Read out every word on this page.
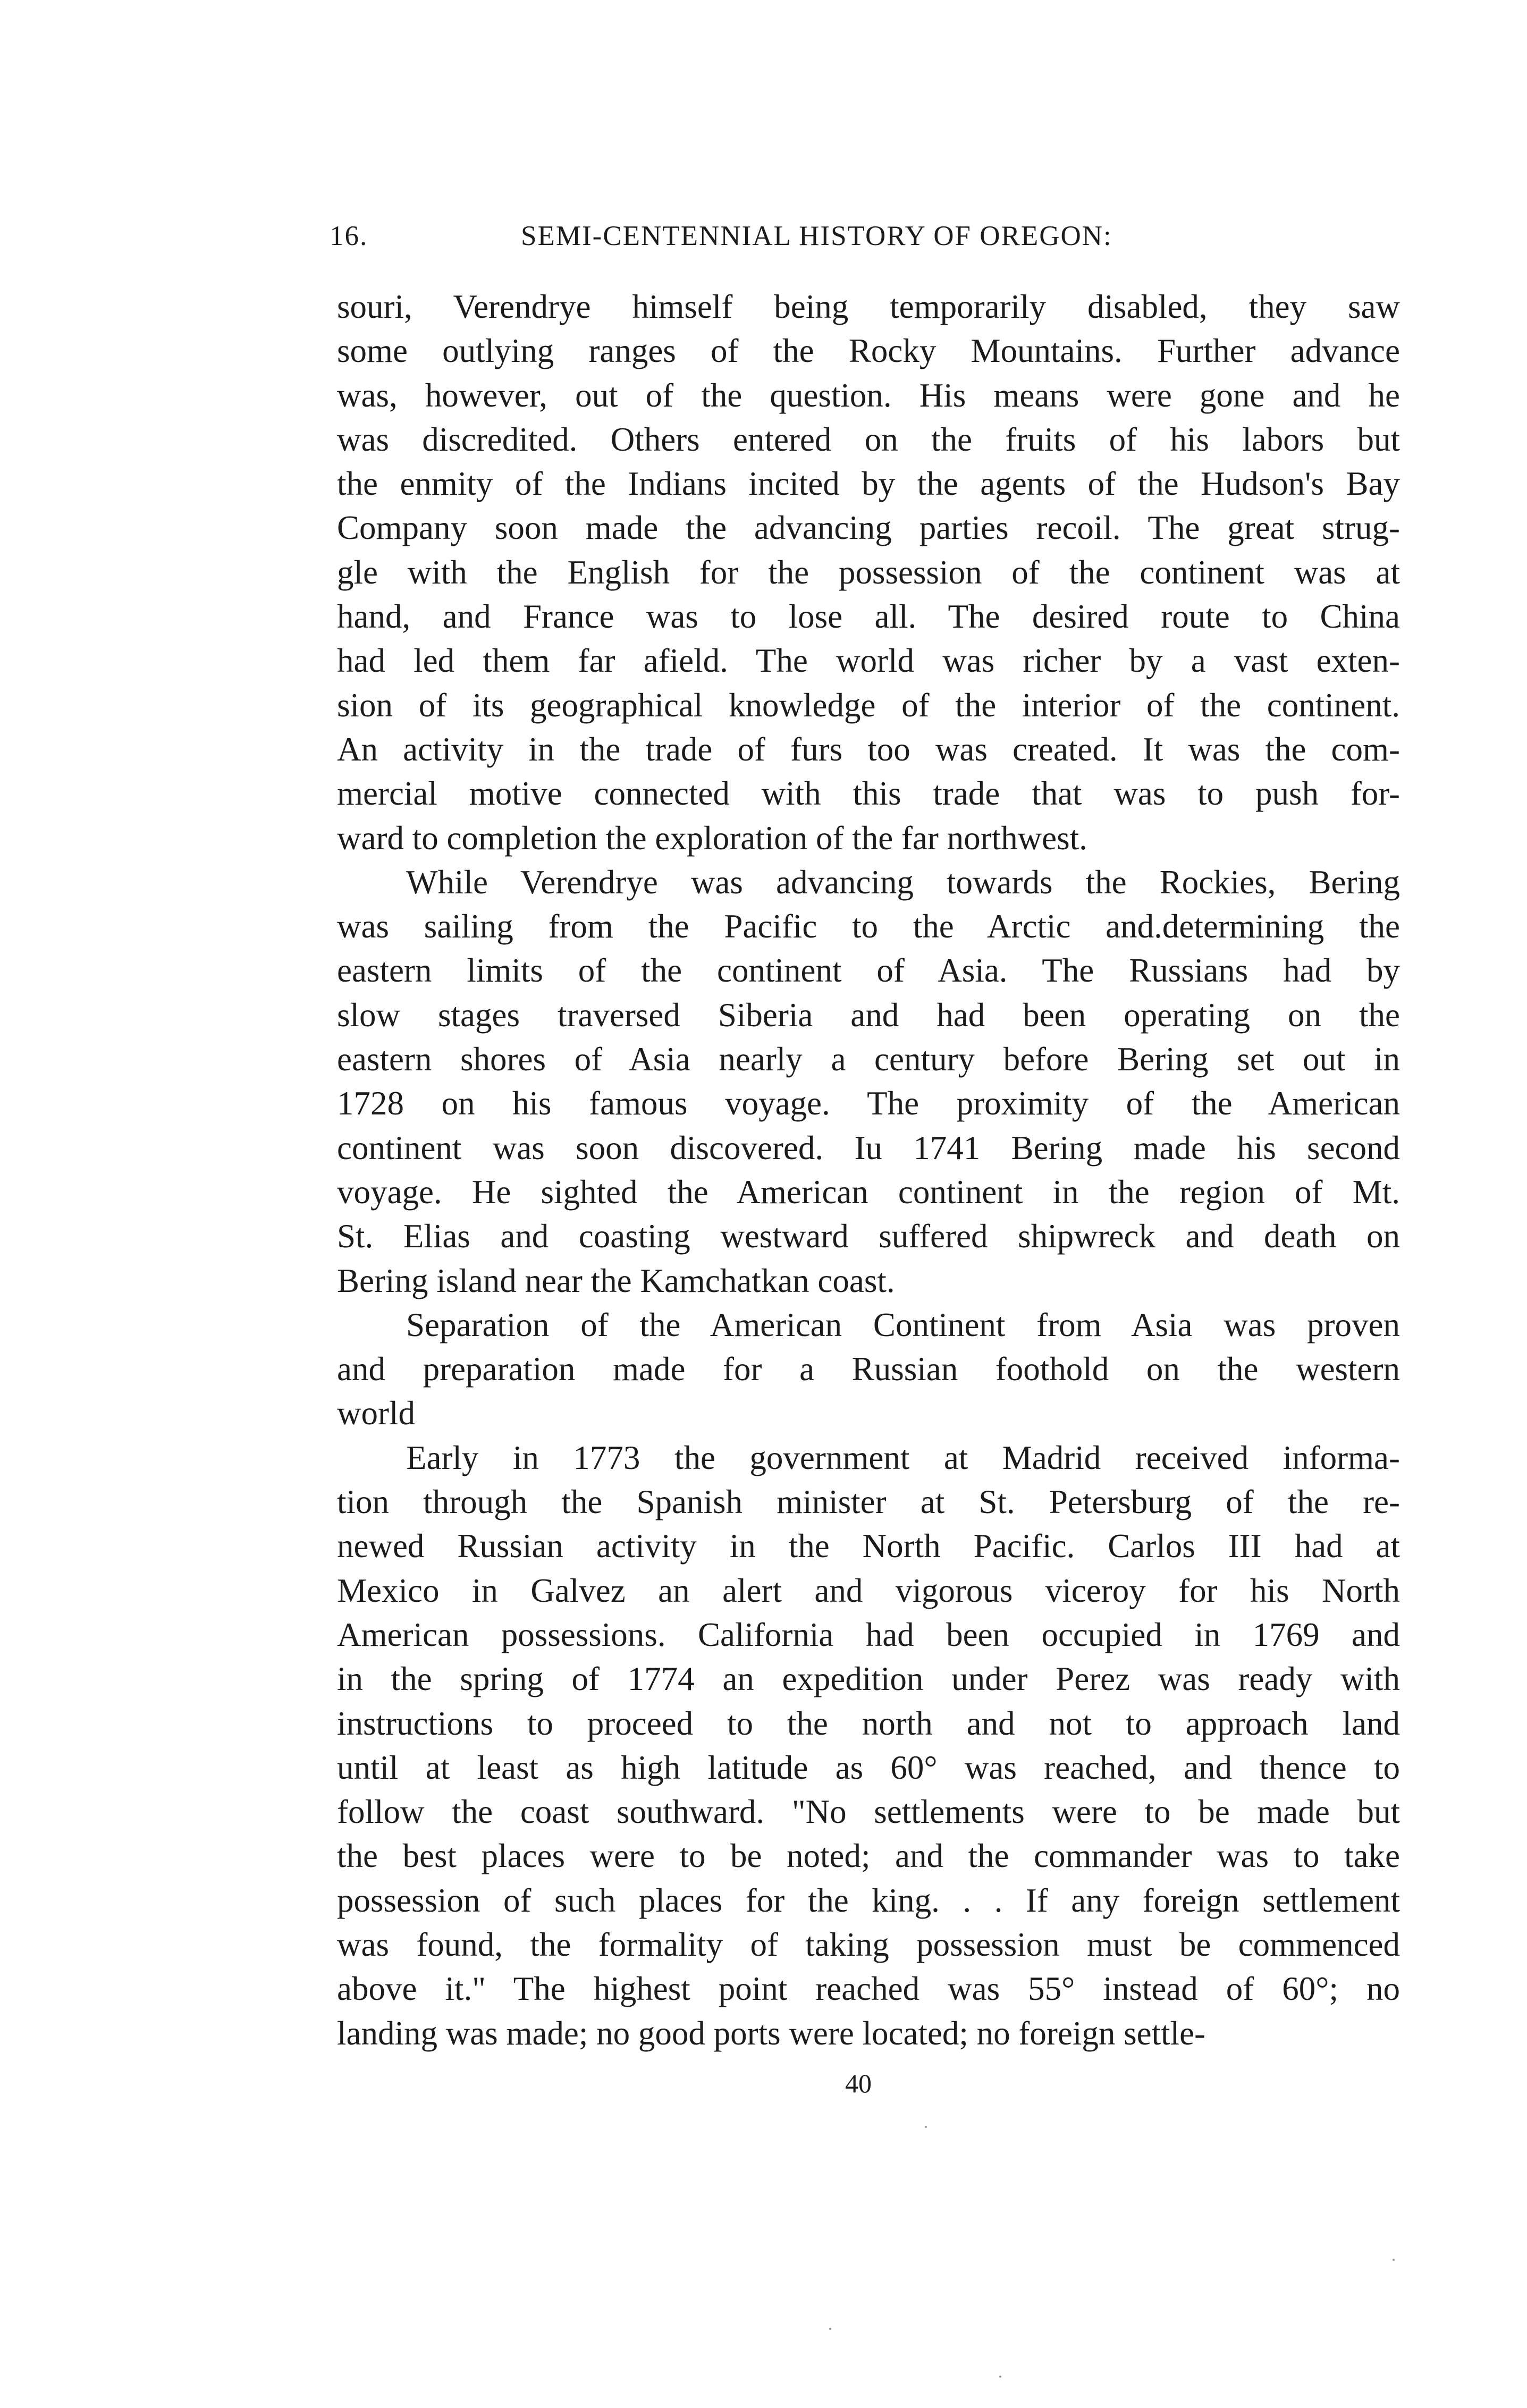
16.	SEMI-CENTENNIAL HISTORY OF OREGON:
souri, Verendrye himself being temporarily disabled, they saw
some outlying ranges of the Rocky Mountains. Further advance
was, however, out of the question. His means were gone and he
was discredited. Others entered on the fruits of his labors but
the enmity of the Indians incited by the agents of the Hudson's Bay
Company soon made the advancing parties recoil. The great strug-
gle with the English for the possession of the continent was at
hand, and France was to lose all. The desired route to China
had led them far afield. The world was richer by a vast exten-
sion of its geographical knowledge of the interior of the continent.
An activity in the trade of furs too was created. It was the com-
mercial motive connected with this trade that was to push for-
ward to completion the exploration of the far northwest.
While Verendrye was advancing towards the Rockies, Bering
was sailing from the Pacific to the Arctic and.determining the
eastern limits of the continent of Asia. The Russians had by
slow stages traversed Siberia and had been operating on the
eastern shores of Asia nearly a century before Bering set out in
1728 on his famous voyage. The proximity of the American
continent was soon discovered. Iu 1741 Bering made his second
voyage. He sighted the American continent in the region of Mt.
St. Elias and coasting westward suffered shipwreck and death on
Bering island near the Kamchatkan coast.
Separation of the American Continent from Asia was proven
and preparation made for a Russian foothold on the western
world
Early in 1773 the government at Madrid received informa-
tion through the Spanish minister at St. Petersburg of the re-
newed Russian activity in the North Pacific. Carlos III had at
Mexico in Galvez an alert and vigorous viceroy for his North
American possessions. California had been occupied in 1769 and
in the spring of 1774 an expedition under Perez was ready with
instructions to proceed to the north and not to approach land
until at least as high latitude as 60° was reached, and thence to
follow the coast southward. "No settlements were to be made but
the best places were to be noted; and the commander was to take
possession of such places for the king. . . If any foreign settlement
was found, the formality of taking possession must be commenced
above it." The highest point reached was 55° instead of 60°; no
landing was made; no good ports were located; no foreign settle-
40
